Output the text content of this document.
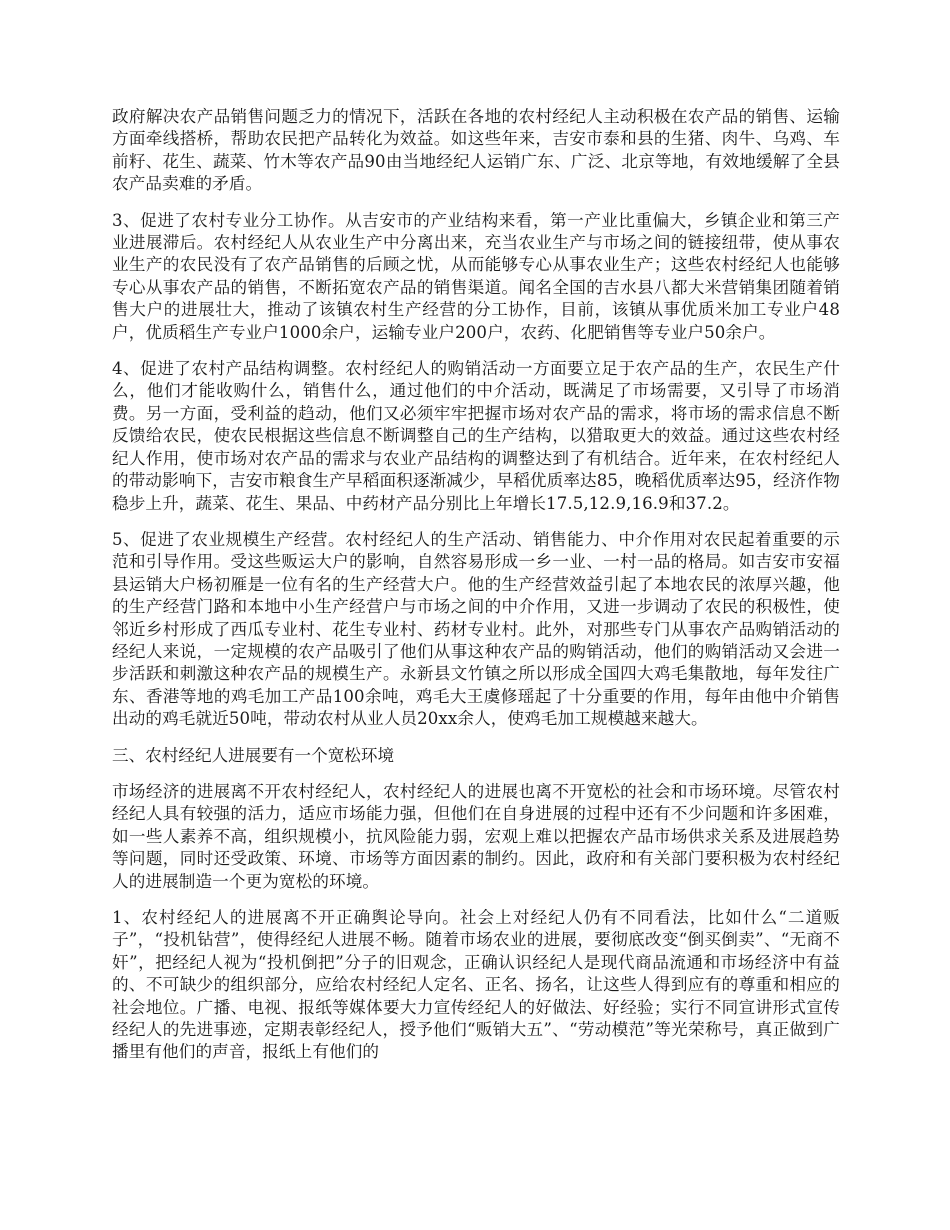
政府解决农产品销售问题乏力的情况下，活跃在各地的农村经纪人主动积极在农产品的销售、运输方面牵线搭桥，帮助农民把产品转化为效益。如这些年来，吉安市泰和县的生猪、肉牛、乌鸡、车前籽、花生、蔬菜、竹木等农产品90由当地经纪人运销广东、广泛、北京等地，有效地缓解了全县农产品卖难的矛盾。

3、促进了农村专业分工协作。从吉安市的产业结构来看，第一产业比重偏大，乡镇企业和第三产业进展滞后。农村经纪人从农业生产中分离出来，充当农业生产与市场之间的链接纽带，使从事农业生产的农民没有了农产品销售的后顾之忧，从而能够专心从事农业生产；这些农村经纪人也能够专心从事农产品的销售，不断拓宽农产品的销售渠道。闻名全国的吉水县八都大米营销集团随着销售大户的进展壮大，推动了该镇农村生产经营的分工协作，目前，该镇从事优质米加工专业户48户，优质稻生产专业户1000余户，运输专业户200户，农药、化肥销售等专业户50余户。

4、促进了农村产品结构调整。农村经纪人的购销活动一方面要立足于农产品的生产，农民生产什么，他们才能收购什么，销售什么，通过他们的中介活动，既满足了市场需要，又引导了市场消费。另一方面，受利益的趋动，他们又必须牢牢把握市场对农产品的需求，将市场的需求信息不断反馈给农民，使农民根据这些信息不断调整自己的生产结构，以猎取更大的效益。通过这些农村经纪人作用，使市场对农产品的需求与农业产品结构的调整达到了有机结合。近年来，在农村经纪人的带动影响下，吉安市粮食生产早稻面积逐渐减少，早稻优质率达85，晚稻优质率达95，经济作物稳步上升，蔬菜、花生、果品、中药材产品分别比上年增长17.5,12.9,16.9和37.2。

5、促进了农业规模生产经营。农村经纪人的生产活动、销售能力、中介作用对农民起着重要的示范和引导作用。受这些贩运大户的影响，自然容易形成一乡一业、一村一品的格局。如吉安市安福县运销大户杨初雁是一位有名的生产经营大户。他的生产经营效益引起了本地农民的浓厚兴趣，他的生产经营门路和本地中小生产经营户与市场之间的中介作用，又进一步调动了农民的积极性，使邻近乡村形成了西瓜专业村、花生专业村、药材专业村。此外，对那些专门从事农产品购销活动的经纪人来说，一定规模的农产品吸引了他们从事这种农产品的购销活动，他们的购销活动又会进一步活跃和刺激这种农产品的规模生产。永新县文竹镇之所以形成全国四大鸡毛集散地，每年发往广东、香港等地的鸡毛加工产品100余吨，鸡毛大王虞修瑶起了十分重要的作用，每年由他中介销售出动的鸡毛就近50吨，带动农村从业人员20xx余人，使鸡毛加工规模越来越大。

三、农村经纪人进展要有一个宽松环境

市场经济的进展离不开农村经纪人，农村经纪人的进展也离不开宽松的社会和市场环境。尽管农村经纪人具有较强的活力，适应市场能力强，但他们在自身进展的过程中还有不少问题和许多困难，如一些人素养不高，组织规模小，抗风险能力弱，宏观上难以把握农产品市场供求关系及进展趋势等问题，同时还受政策、环境、市场等方面因素的制约。因此，政府和有关部门要积极为农村经纪人的进展制造一个更为宽松的环境。

1、农村经纪人的进展离不开正确舆论导向。社会上对经纪人仍有不同看法，比如什么“二道贩子”，“投机钻营”，使得经纪人进展不畅。随着市场农业的进展，要彻底改变“倒买倒卖”、“无商不奸”，把经纪人视为“投机倒把”分子的旧观念，正确认识经纪人是现代商品流通和市场经济中有益的、不可缺少的组织部分，应给农村经纪人定名、正名、扬名，让这些人得到应有的尊重和相应的社会地位。广播、电视、报纸等媒体要大力宣传经纪人的好做法、好经验；实行不同宣讲形式宣传经纪人的先进事迹，定期表彰经纪人，授予他们“贩销大五”、“劳动模范”等光荣称号，真正做到广播里有他们的声音，报纸上有他们的
